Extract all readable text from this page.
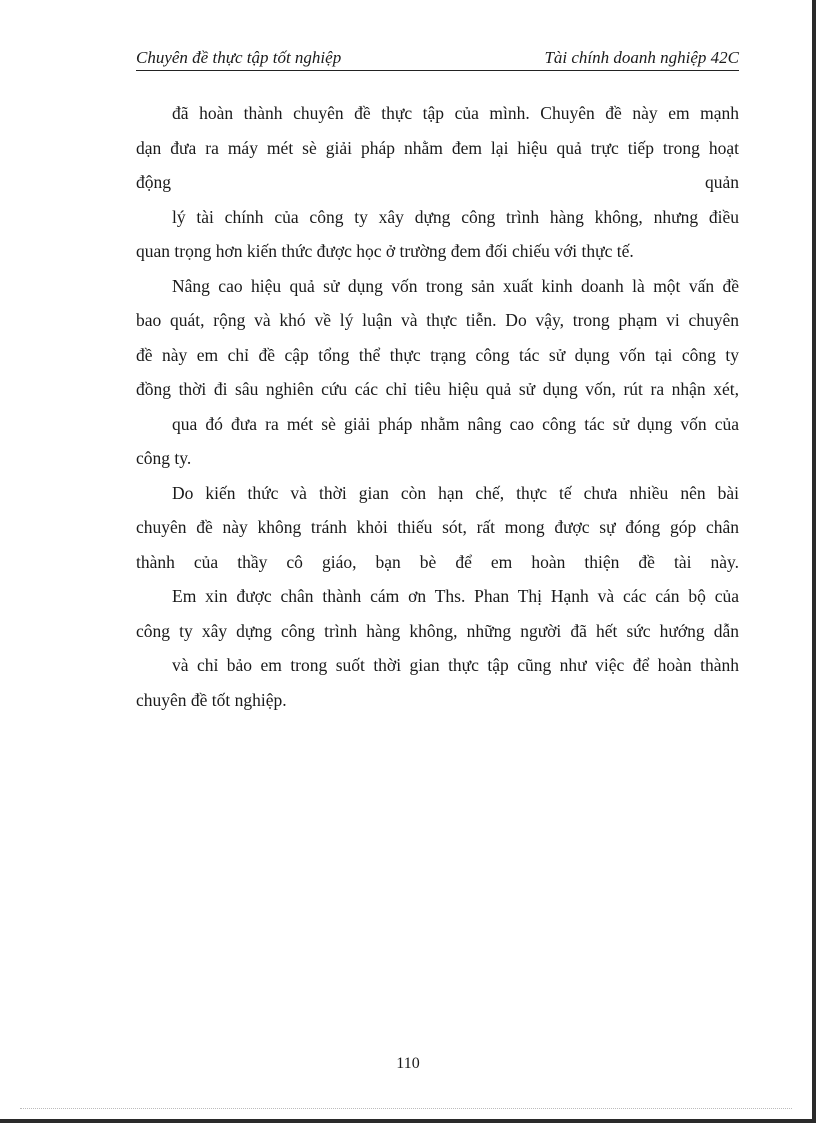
Chuyên đề thực tập tốt nghiệp	Tài chính doanh nghiệp 42C
đã hoàn thành chuyên đề thực tập của mình. Chuyên đề này em mạnh
dạn đưa ra máy mét sè giải pháp nhằm đem lại hiệu quả trực tiếp trong hoạt
động quản
lý tài chính của công ty xây dựng công trình hàng không, nhưng điều
quan trọng hơn kiến thức được học ở trường đem đối chiếu với thực tế.
Nâng cao hiệu quả sử dụng vốn trong sản xuất kinh doanh là một vấn đề
bao quát, rộng và khó về lý luận và thực tiễn. Do vậy, trong phạm vi chuyên
đề này em chỉ đề cập tổng thể thực trạng công tác sử dụng vốn tại công ty
đồng thời đi sâu nghiên cứu các chỉ tiêu hiệu quả sử dụng vốn, rút ra nhận xét,
qua đó đưa ra mét sè giải pháp nhằm nâng cao công tác sử dụng vốn của
công ty.
Do kiến thức và thời gian còn hạn chế, thực tế chưa nhiều nên bài
chuyên đề này không tránh khỏi thiếu sót, rất mong được sự đóng góp chân
thành của thầy cô giáo, bạn bè để em hoàn thiện đề tài này.
Em xin được chân thành cám ơn Ths. Phan Thị Hạnh và các cán bộ của
công ty xây dựng công trình hàng không, những người đã hết sức hướng dẫn
và chỉ bảo em trong suốt thời gian thực tập cũng như việc để hoàn thành
chuyên đề tốt nghiệp.
110
